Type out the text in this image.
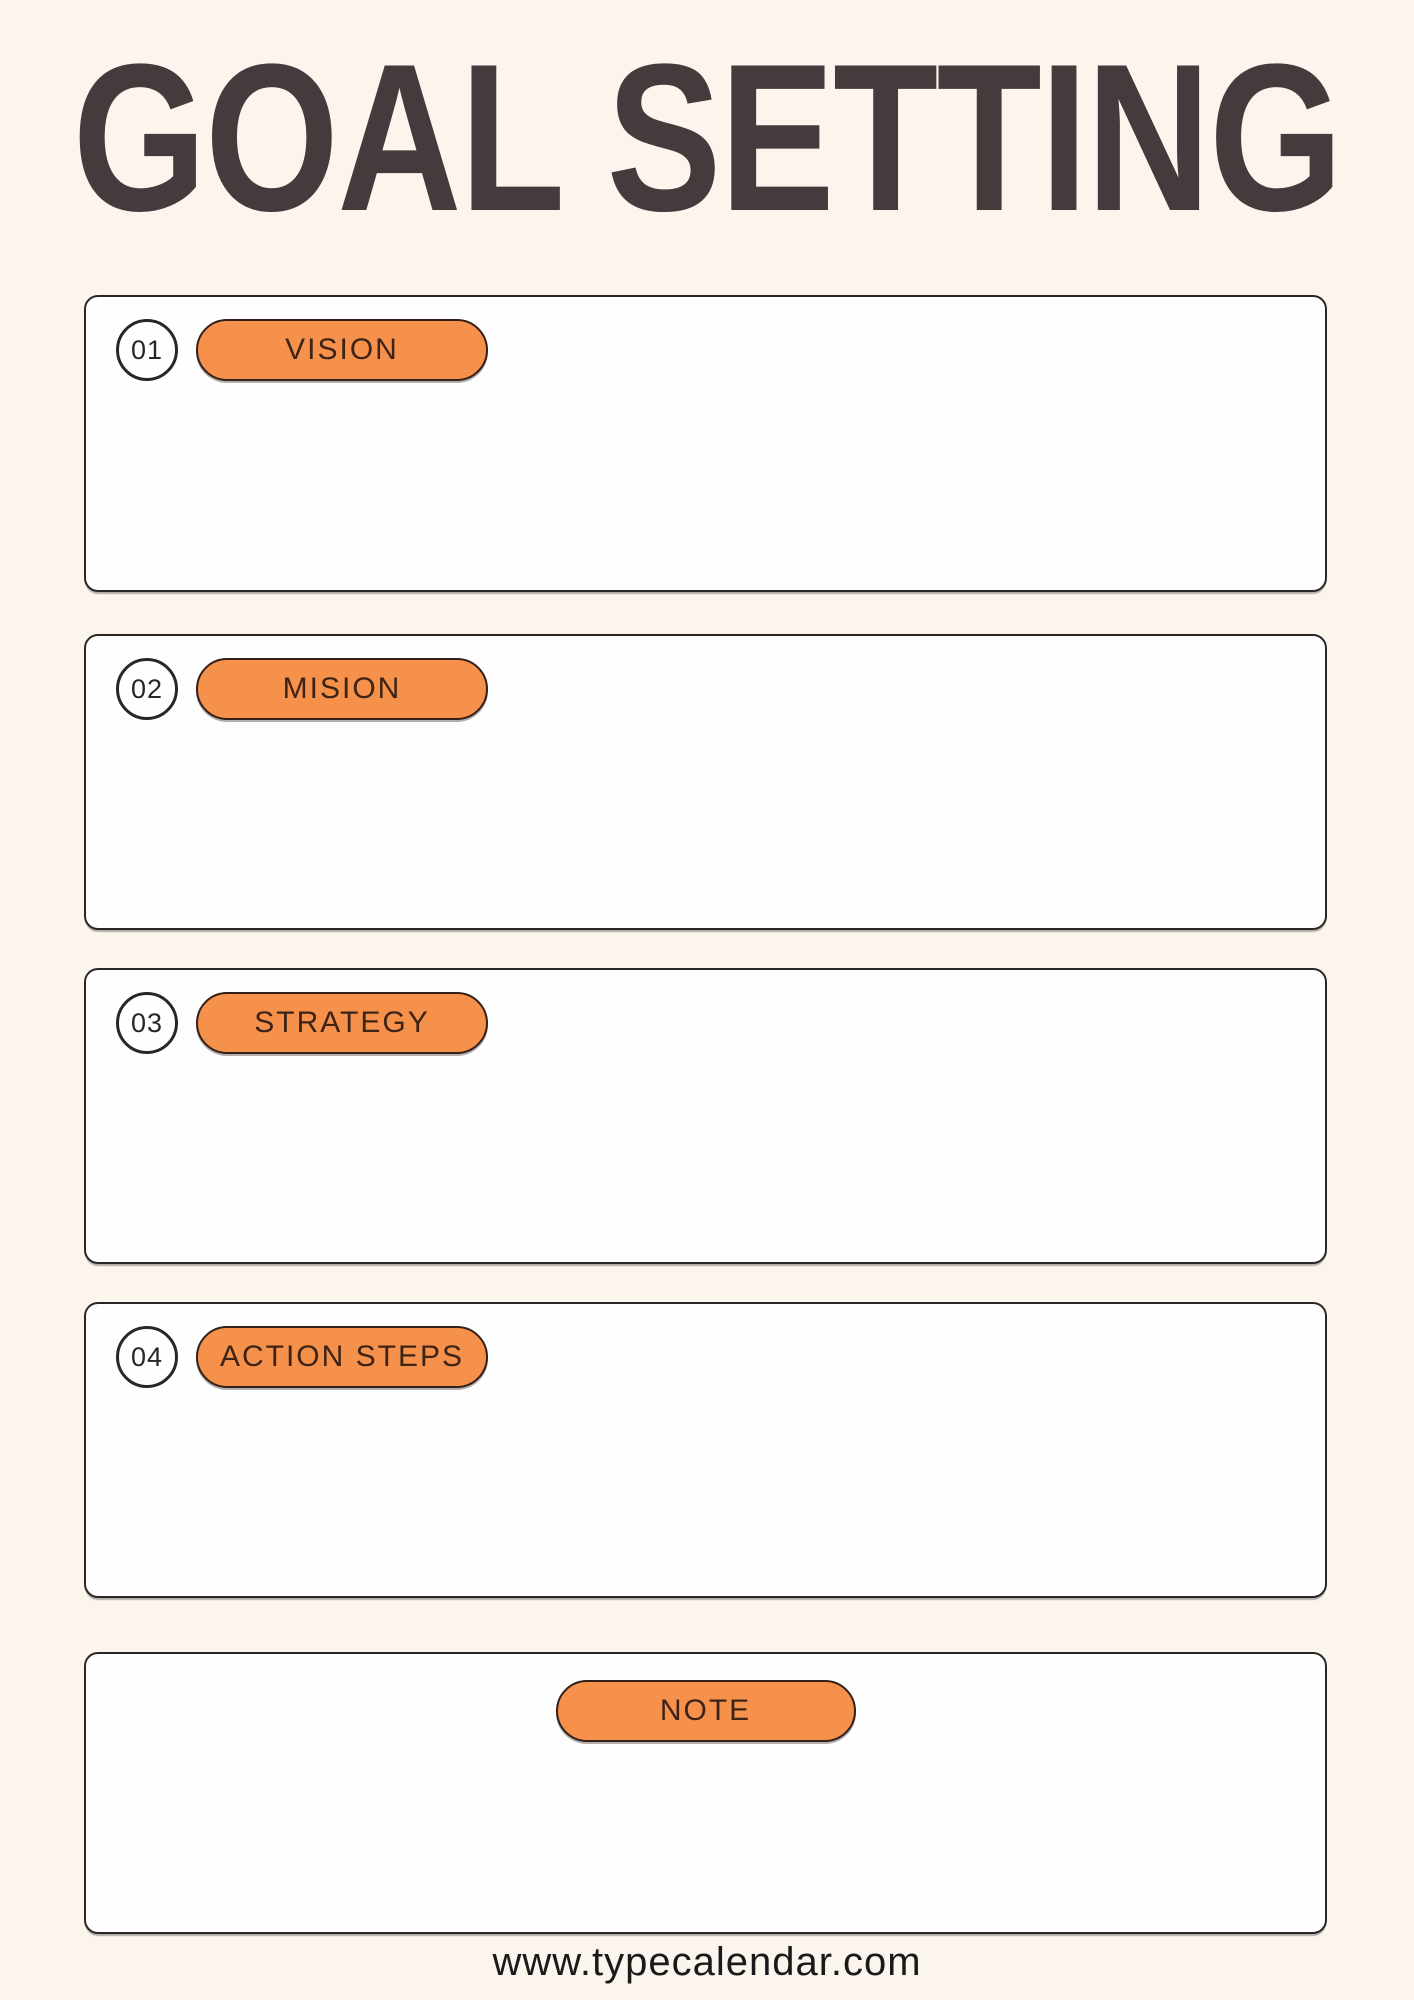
GOAL SETTING
01	VISION
02	MISION
03	STRATEGY
04 ACTION STEPS
NOTE
www.typecalendar.com
